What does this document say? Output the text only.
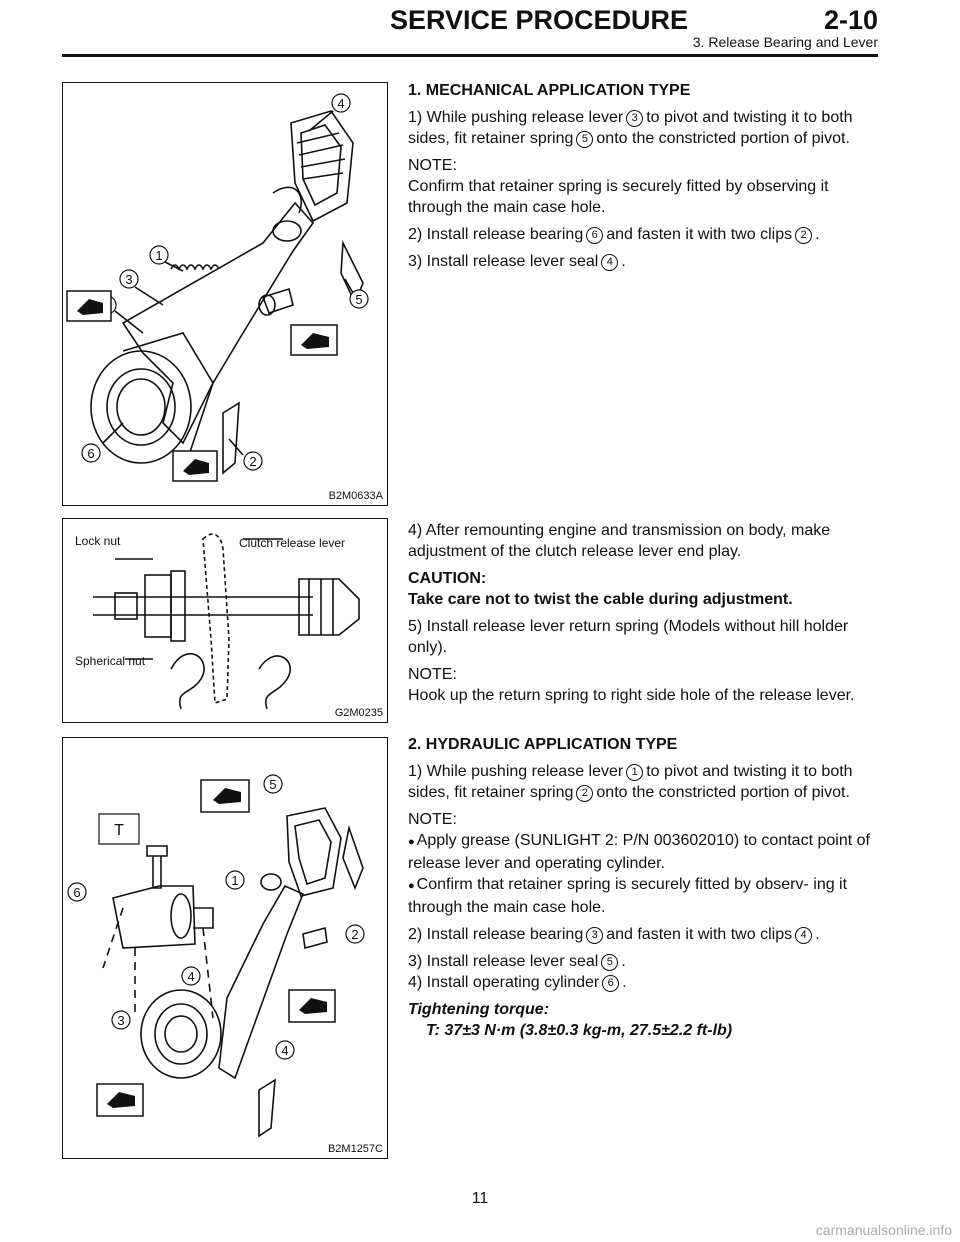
SERVICE PROCEDURE	2-10
3. Release Bearing and Lever
1
3
4
5
6
2
B2M0633A
Lock nut	Clutch release lever
Spherical nut
G2M0235
T
1
2
3
4
5
6
4
B2M1257C

1. MECHANICAL APPLICATION TYPE

1) While pushing release lever 3 to pivot and twisting it to both sides, fit retainer spring 5 onto the constricted portion of pivot.

NOTE:

Confirm that retainer spring is securely fitted by observing it through the main case hole.

2) Install release bearing 6 and fasten it with two clips 2 .

3) Install release lever seal 4 .

4) After remounting engine and transmission on body, make adjustment of the clutch release lever end play.

CAUTION:

Take care not to twist the cable during adjustment.

5) Install release lever return spring (Models without hill holder only).

NOTE:

Hook up the return spring to right side hole of the release lever.

2. HYDRAULIC APPLICATION TYPE

1) While pushing release lever 1 to pivot and twisting it to both sides, fit retainer spring 2 onto the constricted portion of pivot.

NOTE:

● Apply grease (SUNLIGHT 2: P/N 003602010) to contact point of release lever and operating cylinder.

● Confirm that retainer spring is securely fitted by observ- ing it through the main case hole.

2) Install release bearing 3 and fasten it with two clips 4 .

3) Install release lever seal 5 .

4) Install operating cylinder 6 .

Tightening torque:

T: 37±3 N·m (3.8±0.3 kg-m, 27.5±2.2 ft-lb)

11
carmanualsonline.info
